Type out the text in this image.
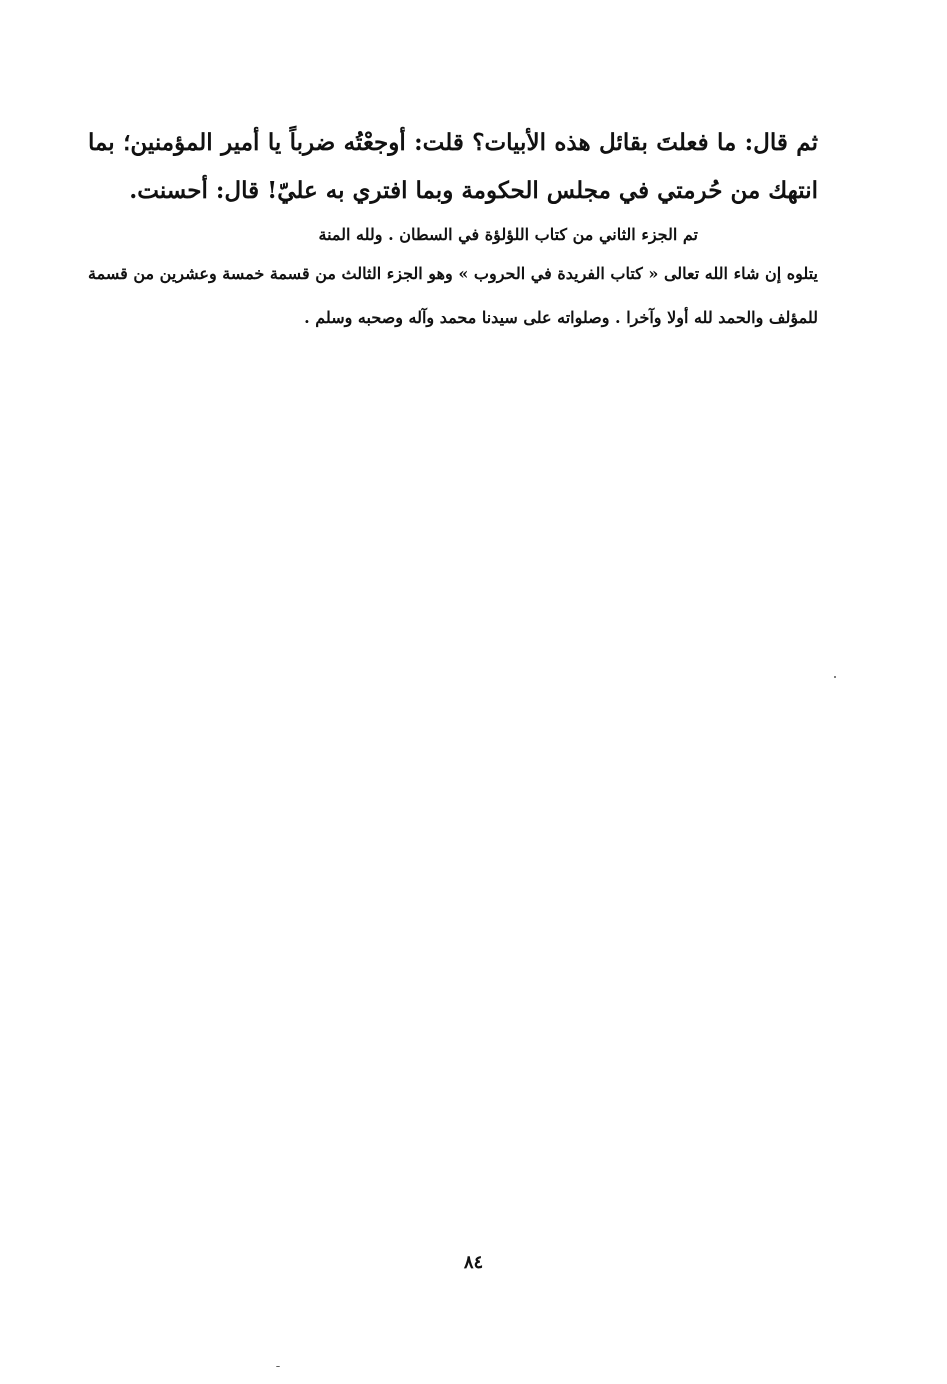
ثم قال: ما فعلتَ بقائل هذه الأبيات؟ قلت: أوجعْتُه ضرباً يا أمير المؤمنين؛ بما انتهك من حُرمتي في مجلس الحكومة وبما افتري به عليّ! قال: أحسنت.

تم الجزء الثاني من كتاب اللؤلؤة في السطان . ولله المنة

يتلوه إن شاء الله تعالى « كتاب الفريدة في الحروب » وهو الجزء الثالث من قسمة خمسة وعشرين من قسمة للمؤلف والحمد لله أولا وآخرا . وصلواته على سيدنا محمد وآله وصحبه وسلم .

٨٤
